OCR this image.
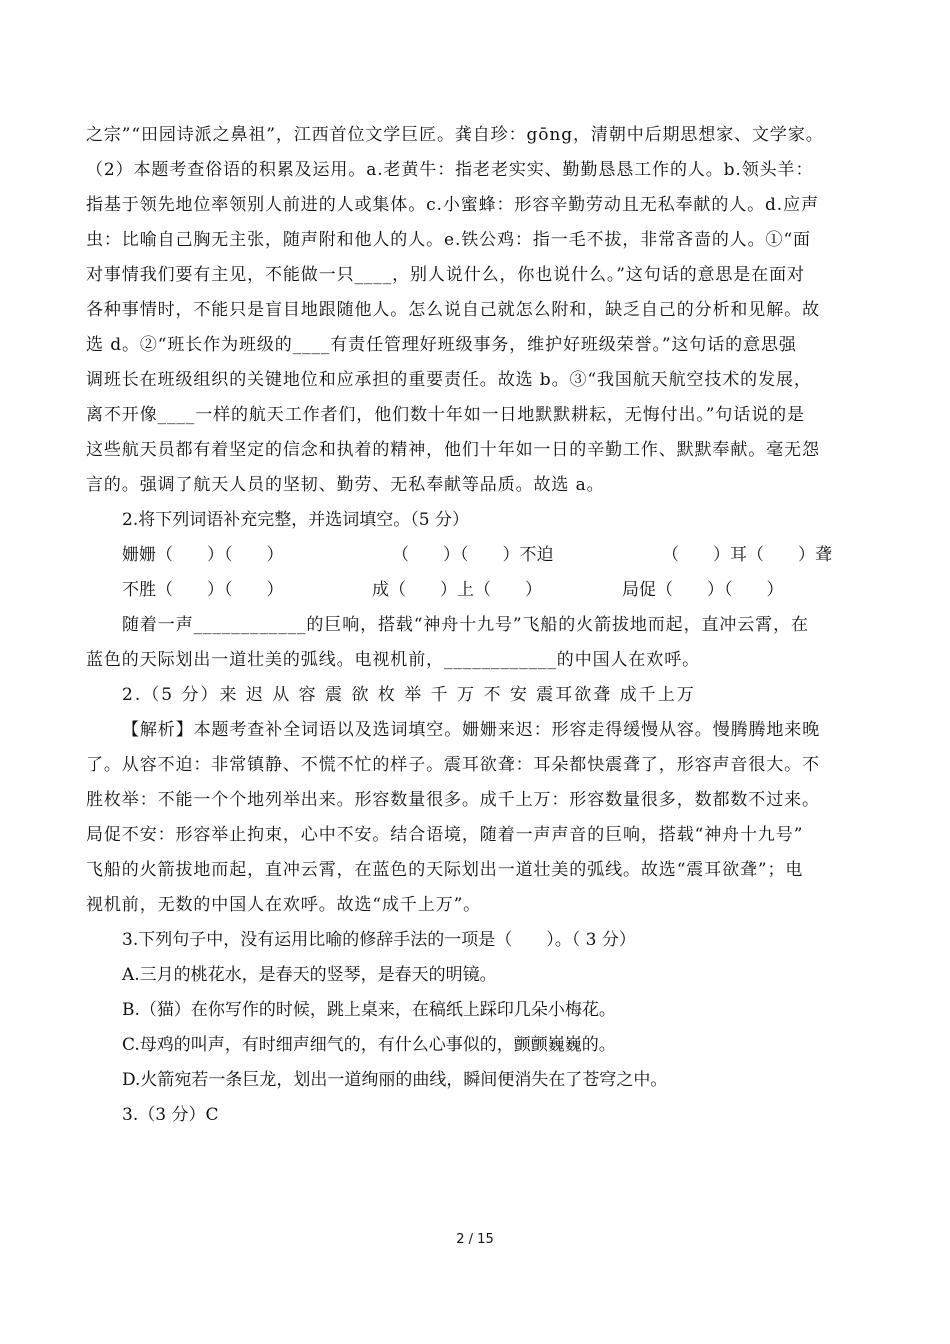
之宗”“田园诗派之鼻祖”，江西首位文学巨匠。龚自珍：gōng，清朝中后期思想家、文学家。
（2）本题考查俗语的积累及运用。a.老黄牛：指老老实实、勤勤恳恳工作的人。b.领头羊：
指基于领先地位率领别人前进的人或集体。c.小蜜蜂：形容辛勤劳动且无私奉献的人。d.应声
虫：比喻自己胸无主张，随声附和他人的人。e.铁公鸡：指一毛不拔，非常吝啬的人。①“面
对事情我们要有主见，不能做一只____，别人说什么，你也说什么。”这句话的意思是在面对
各种事情时，不能只是盲目地跟随他人。怎么说自己就怎么附和，缺乏自己的分析和见解。故
选 d。②“班长作为班级的____有责任管理好班级事务，维护好班级荣誉。”这句话的意思强
调班长在班级组织的关键地位和应承担的重要责任。故选 b。③“我国航天航空技术的发展，
离不开像____一样的航天工作者们，他们数十年如一日地默默耕耘，无悔付出。”句话说的是
这些航天员都有着坚定的信念和执着的精神，他们十年如一日的辛勤工作、默默奉献。毫无怨
言的。强调了航天人员的坚韧、勤劳、无私奉献等品质。故选 a。
2.将下列词语补充完整，并选词填空。（5 分）
姗姗（　　）（　　）	（　　）（　　）不迫	（　　）耳（　　）聋
不胜（　　）（　　）	成（　　）上（　　）	局促（　　）（　　）
随着一声____________的巨响，搭载“神舟十九号”飞船的火箭拔地而起，直冲云霄，在
蓝色的天际划出一道壮美的弧线。电视机前，____________的中国人在欢呼。
2.（5 分）来 迟 从 容 震 欲 枚 举 千 万 不 安 震耳欲聋 成千上万
【解析】本题考查补全词语以及选词填空。姗姗来迟：形容走得缓慢从容。慢腾腾地来晚
了。从容不迫：非常镇静、不慌不忙的样子。震耳欲聋：耳朵都快震聋了，形容声音很大。不
胜枚举：不能一个个地列举出来。形容数量很多。成千上万：形容数量很多，数都数不过来。
局促不安：形容举止拘束，心中不安。结合语境，随着一声声音的巨响，搭载“神舟十九号”
飞船的火箭拔地而起，直冲云霄，在蓝色的天际划出一道壮美的弧线。故选“震耳欲聋”；电
视机前，无数的中国人在欢呼。故选“成千上万”。
3.下列句子中，没有运用比喻的修辞手法的一项是（　　）。（ 3 分）
A.三月的桃花水，是春天的竖琴，是春天的明镜。
B.（猫）在你写作的时候，跳上桌来，在稿纸上踩印几朵小梅花。
C.母鸡的叫声，有时细声细气的，有什么心事似的，颤颤巍巍的。
D.火箭宛若一条巨龙，划出一道绚丽的曲线，瞬间便消失在了苍穹之中。
3.（3 分）C
2 / 15
